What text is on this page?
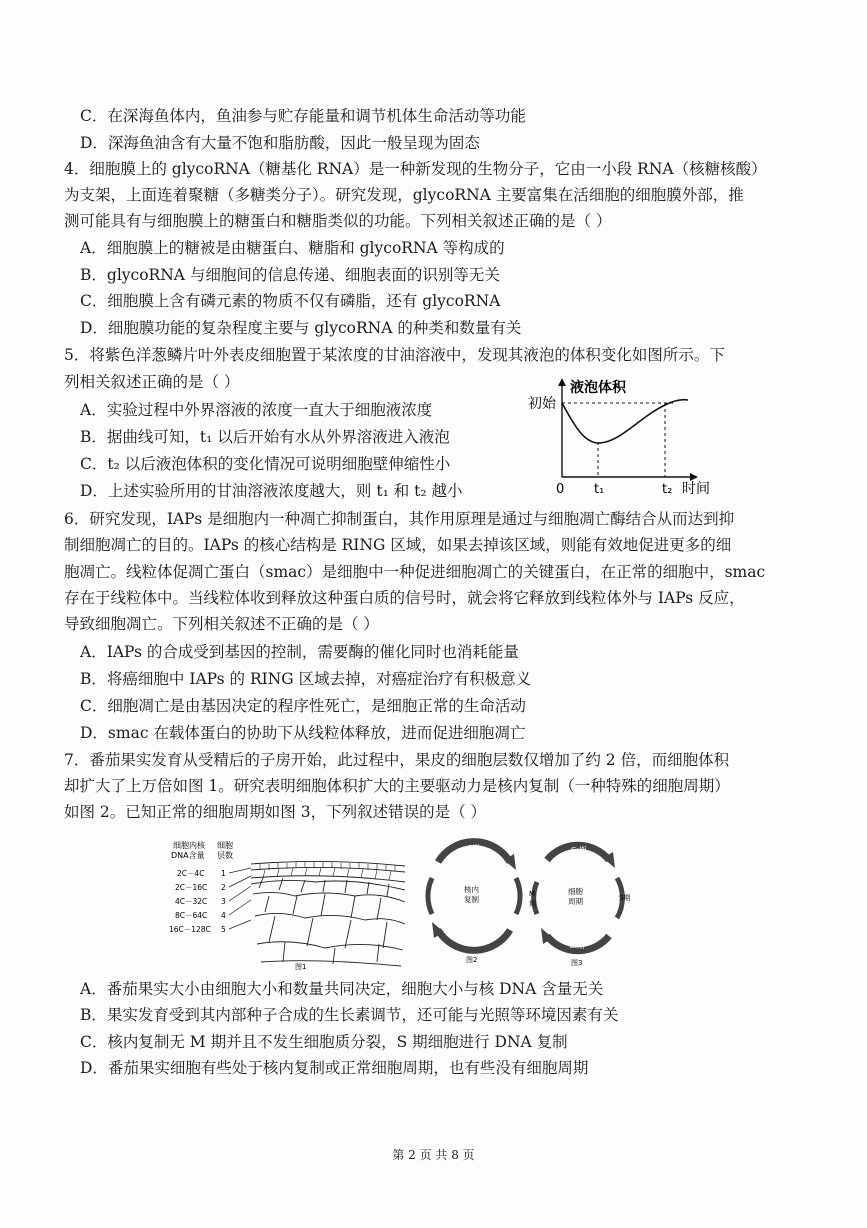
C．在深海鱼体内，鱼油参与贮存能量和调节机体生命活动等功能
D．深海鱼油含有大量不饱和脂肪酸，因此一般呈现为固态
4．细胞膜上的 glycoRNA（糖基化 RNA）是一种新发现的生物分子，它由一小段 RNA（核糖核酸）
为支架，上面连着聚糖（多糖类分子）。研究发现，glycoRNA 主要富集在活细胞的细胞膜外部，推
测可能具有与细胞膜上的糖蛋白和糖脂类似的功能。下列相关叙述正确的是（ ）
A．细胞膜上的糖被是由糖蛋白、糖脂和 glycoRNA 等构成的
B．glycoRNA 与细胞间的信息传递、细胞表面的识别等无关
C．细胞膜上含有磷元素的物质不仅有磷脂，还有 glycoRNA
D．细胞膜功能的复杂程度主要与 glycoRNA 的种类和数量有关
5．将紫色洋葱鳞片叶外表皮细胞置于某浓度的甘油溶液中，发现其液泡的体积变化如图所示。下
列相关叙述正确的是（ ）
A．实验过程中外界溶液的浓度一直大于细胞液浓度
B．据曲线可知，t₁ 以后开始有水从外界溶液进入液泡
C．t₂ 以后液泡体积的变化情况可说明细胞壁伸缩性小
D．上述实验所用的甘油溶液浓度越大，则 t₁ 和 t₂ 越小
液泡体积
初始
0 t₁	t₂ 时间
6．研究发现，IAPs 是细胞内一种凋亡抑制蛋白，其作用原理是通过与细胞凋亡酶结合从而达到抑
制细胞凋亡的目的。IAPs 的核心结构是 RING 区域，如果去掉该区域，则能有效地促进更多的细
胞凋亡。线粒体促凋亡蛋白（smac）是细胞中一种促进细胞凋亡的关键蛋白，在正常的细胞中，smac
存在于线粒体中。当线粒体收到释放这种蛋白质的信号时，就会将它释放到线粒体外与 IAPs 反应，
导致细胞凋亡。下列相关叙述不正确的是（ ）
A．IAPs 的合成受到基因的控制，需要酶的催化同时也消耗能量
B．将癌细胞中 IAPs 的 RING 区域去掉，对癌症治疗有积极意义
C．细胞凋亡是由基因决定的程序性死亡，是细胞正常的生命活动
D．smac 在载体蛋白的协助下从线粒体释放，进而促进细胞凋亡
7．番茄果实发育从受精后的子房开始，此过程中，果皮的细胞层数仅增加了约 2 倍，而细胞体积
却扩大了上万倍如图 1。研究表明细胞体积扩大的主要驱动力是核内复制（一种特殊的细胞周期）
如图 2。已知正常的细胞周期如图 3，下列叙述错误的是（ ）
细胞内核
DNA含量
细胞
层数
2C－4C
2C－16C
4C－32C
8C－64C
16C－128C
1
2
3
4
5
图1
S期
核内
复制
G期
图2
G₁期
M
期
细胞
周期	S期
G₂期
图3
A．番茄果实大小由细胞大小和数量共同决定，细胞大小与核 DNA 含量无关
B．果实发育受到其内部种子合成的生长素调节，还可能与光照等环境因素有关
C．核内复制无 M 期并且不发生细胞质分裂，S 期细胞进行 DNA 复制
D．番茄果实细胞有些处于核内复制或正常细胞周期，也有些没有细胞周期
第 2 页 共 8 页
